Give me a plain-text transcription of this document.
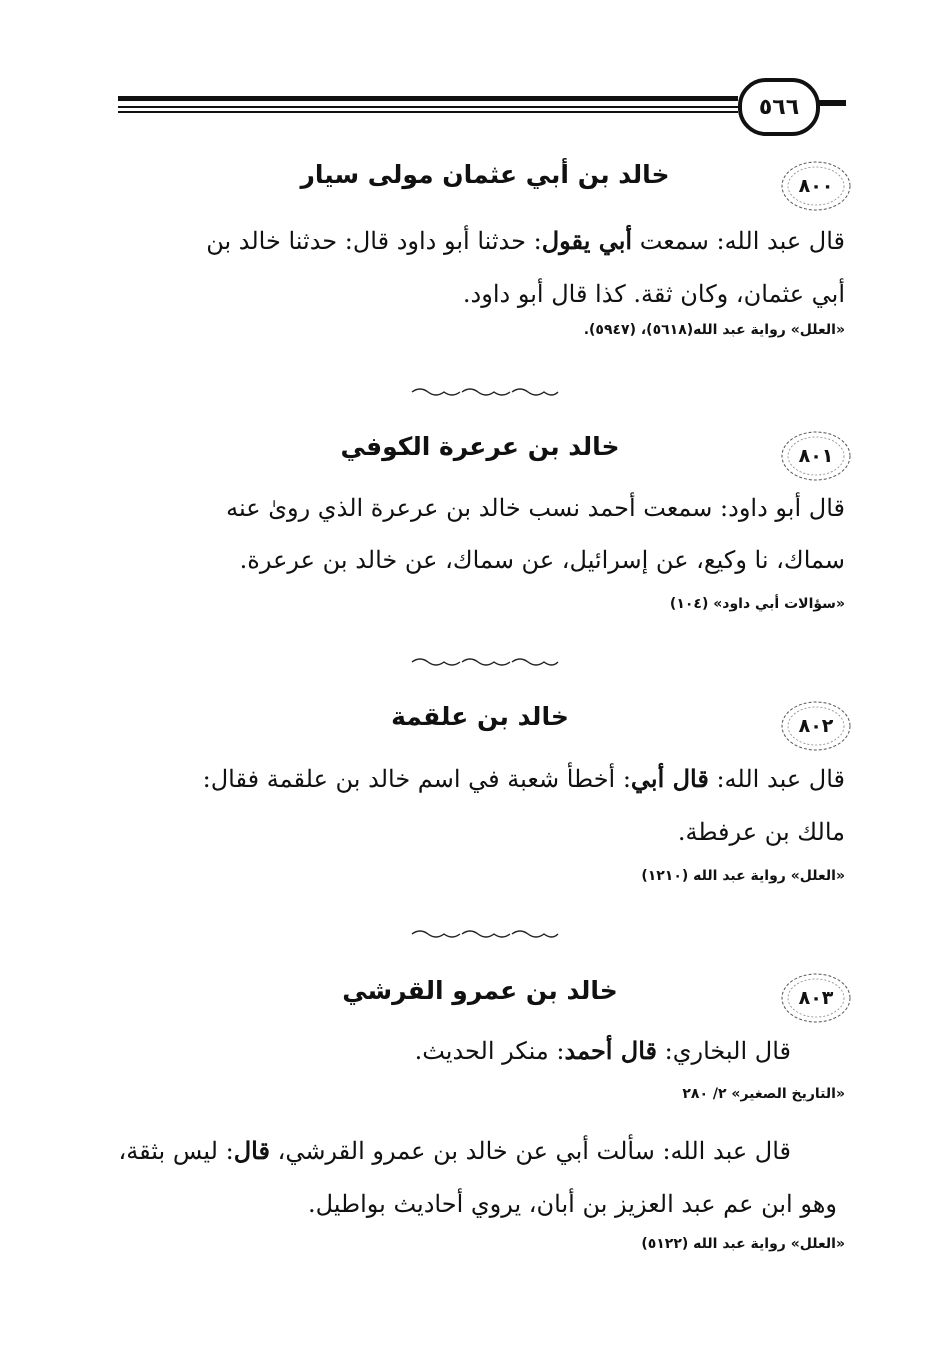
٥٦٦
٨٠٠
خالد بن أبي عثمان مولى سيار
قال عبد الله: سمعت أبي يقول: حدثنا أبو داود قال: حدثنا خالد بن
أبي عثمان، وكان ثقة. كذا قال أبو داود.
«العلل» رواية عبد الله(٥٦١٨)، (٥٩٤٧).
٨٠١
خالد بن عرعرة الكوفي
قال أبو داود: سمعت أحمد نسب خالد بن عرعرة الذي روىٰ عنه
سماك، نا وكيع، عن إسرائيل، عن سماك، عن خالد بن عرعرة.
«سؤالات أبي داود» (١٠٤)
٨٠٢
خالد بن علقمة
قال عبد الله: قال أبي: أخطأ شعبة في اسم خالد بن علقمة فقال:
مالك بن عرفطة.
«العلل» رواية عبد الله (١٢١٠)
٨٠٣
خالد بن عمرو القرشي
قال البخاري: قال أحمد: منكر الحديث.
«التاريخ الصغير» ٢/ ٢٨٠
قال عبد الله: سألت أبي عن خالد بن عمرو القرشي، قال: ليس بثقة،
وهو ابن عم عبد العزيز بن أبان، يروي أحاديث بواطيل.
«العلل» رواية عبد الله (٥١٢٢)
